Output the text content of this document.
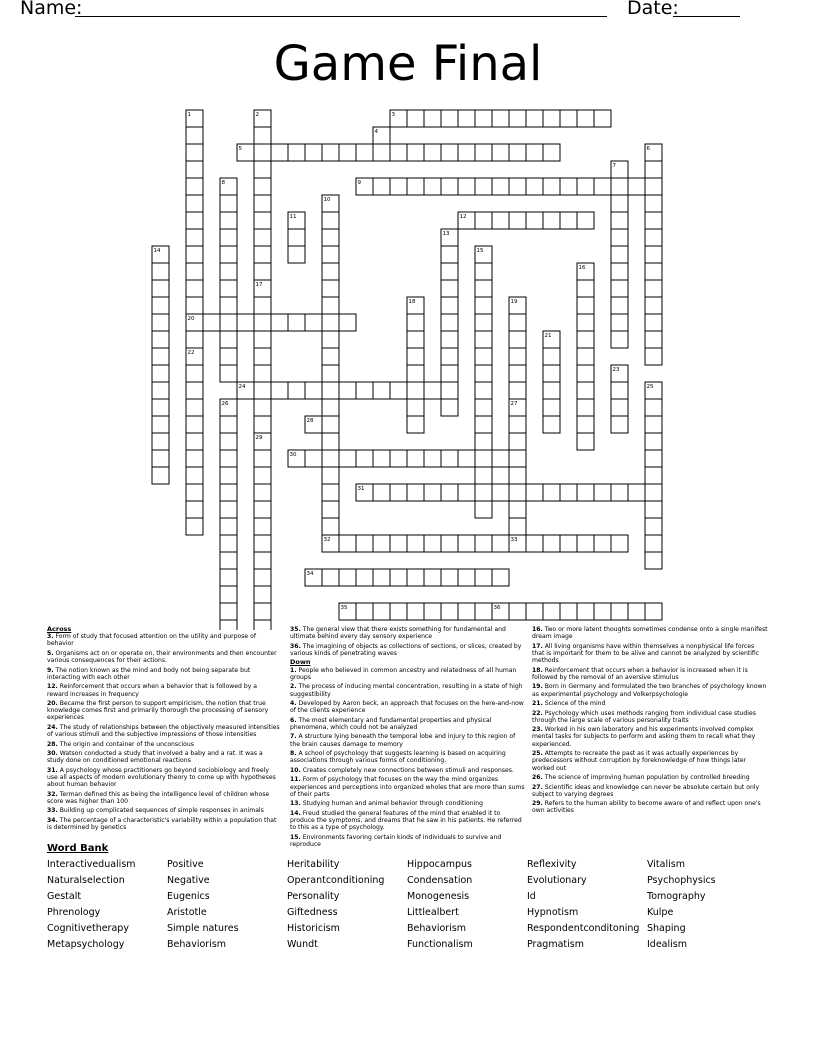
Name:	Date:
Game Final
1	2	3
4
5	6
7
8	9
10
11	12
13
14	15
16
17
18	19
20
21
22
23
24	25
26	27
28
29
30
31
32	33
34
35	36
Across
3. Form of study that focused attention on the utility and purpose of behavior
5. Organisms act on or operate on, their environments and then encounter various consequences for their actions.
9. The notion known as the mind and body not being separate but interacting with each other
12. Reinforcement that occurs when a behavior that is followed by a reward increases in frequency
20. Became the first person to support empiricism, the notion that true knowledge comes first and primarily thorough the processing of sensory experiences
24. The study of relationships between the objectively measured intensities of various stimuli and the subjective impressions of those intensities
28. The origin and container of the unconscious
30. Watson conducted a study that involved a baby and a rat. It was a study done on conditioned emotional reactions
31. A psychology whose practitioners go beyond sociobiology and freely use all aspects of modern evolutionary theory to come up with hypotheses about human behavior
32. Terman defined this as being the intelligence level of children whose score was higher than 100
33. Building up complicated sequences of simple responses in animals
34. The percentage of a characteristic's variability within a population that is determined by genetics
35. The general view that there exists something for fundamental and ultimate behind every day sensory experience
36. The imagining of objects as collections of sections, or slices, created by various kinds of penetrating waves
Down
1. People who believed in common ancestry and relatedness of all human groups
2. The process of inducing mental concentration, resulting in a state of high suggestibility
4. Developed by Aaron beck, an approach that focuses on the here-and-now of the clients experience
6. The most elementary and fundamental properties and physical phenomena, which could not be analyzed
7. A structure lying beneath the temporal lobe and injury to this region of the brain causes damage to memory
8. A school of psychology that suggests learning is based on acquiring associations through various forms of conditioning.
10. Creates completely new connections between stimuli and responses.
11. Form of psychology that focuses on the way the mind organizes experiences and perceptions into organized wholes that are more than sums of their parts
13. Studying human and animal behavior through conditioning
14. Freud studied the general features of the mind that enabled it to produce the symptoms, and dreams that he saw in his patients. He referred to this as a type of psychology.
15. Environments favoring certain kinds of individuals to survive and reproduce
16. Two or more latent thoughts sometimes condense onto a single manifest dream image
17. All living organisms have within themselves a nonphysical life forces that is important for them to be alive and cannot be analyzed by scientific methods
18. Reinforcement that occurs when a behavior is increased when it is followed by the removal of an aversive stimulus
19. Born in Germany and formulated the two branches of psychology known as experimental psychology and Volkerpsychologie
21. Science of the mind
22. Psychology which uses methods ranging from individual case studies through the large scale of various personality traits
23. Worked in his own laboratory and his experiments involved complex mental tasks for subjects to perform and asking them to recall what they experienced.
25. Attempts to recreate the past as it was actually experiences by predecessors without corruption by foreknowledge of how things later worked out
26. The science of improving human population by controlled breeding
27. Scientific ideas and knowledge can never be absolute certain but only subject to varying degrees
29. Refers to the human ability to become aware of and reflect upon one's own activities
Word Bank
Interactivedualism	Positive	Heritability	Hippocampus	Reflexivity	Vitalism
Naturalselection	Negative	Operantconditioning Condensation	Evolutionary	Psychophysics
Gestalt	Eugenics	Personality	Monogenesis	Id	Tomography
Phrenology	Aristotle	Giftedness	Littlealbert	Hypnotism	Kulpe
Cognitivetherapy	Simple natures	Historicism	Behaviorism	Respondentconditoning Shaping
Metapsychology	Behaviorism	Wundt	Functionalism	Pragmatism	Idealism
